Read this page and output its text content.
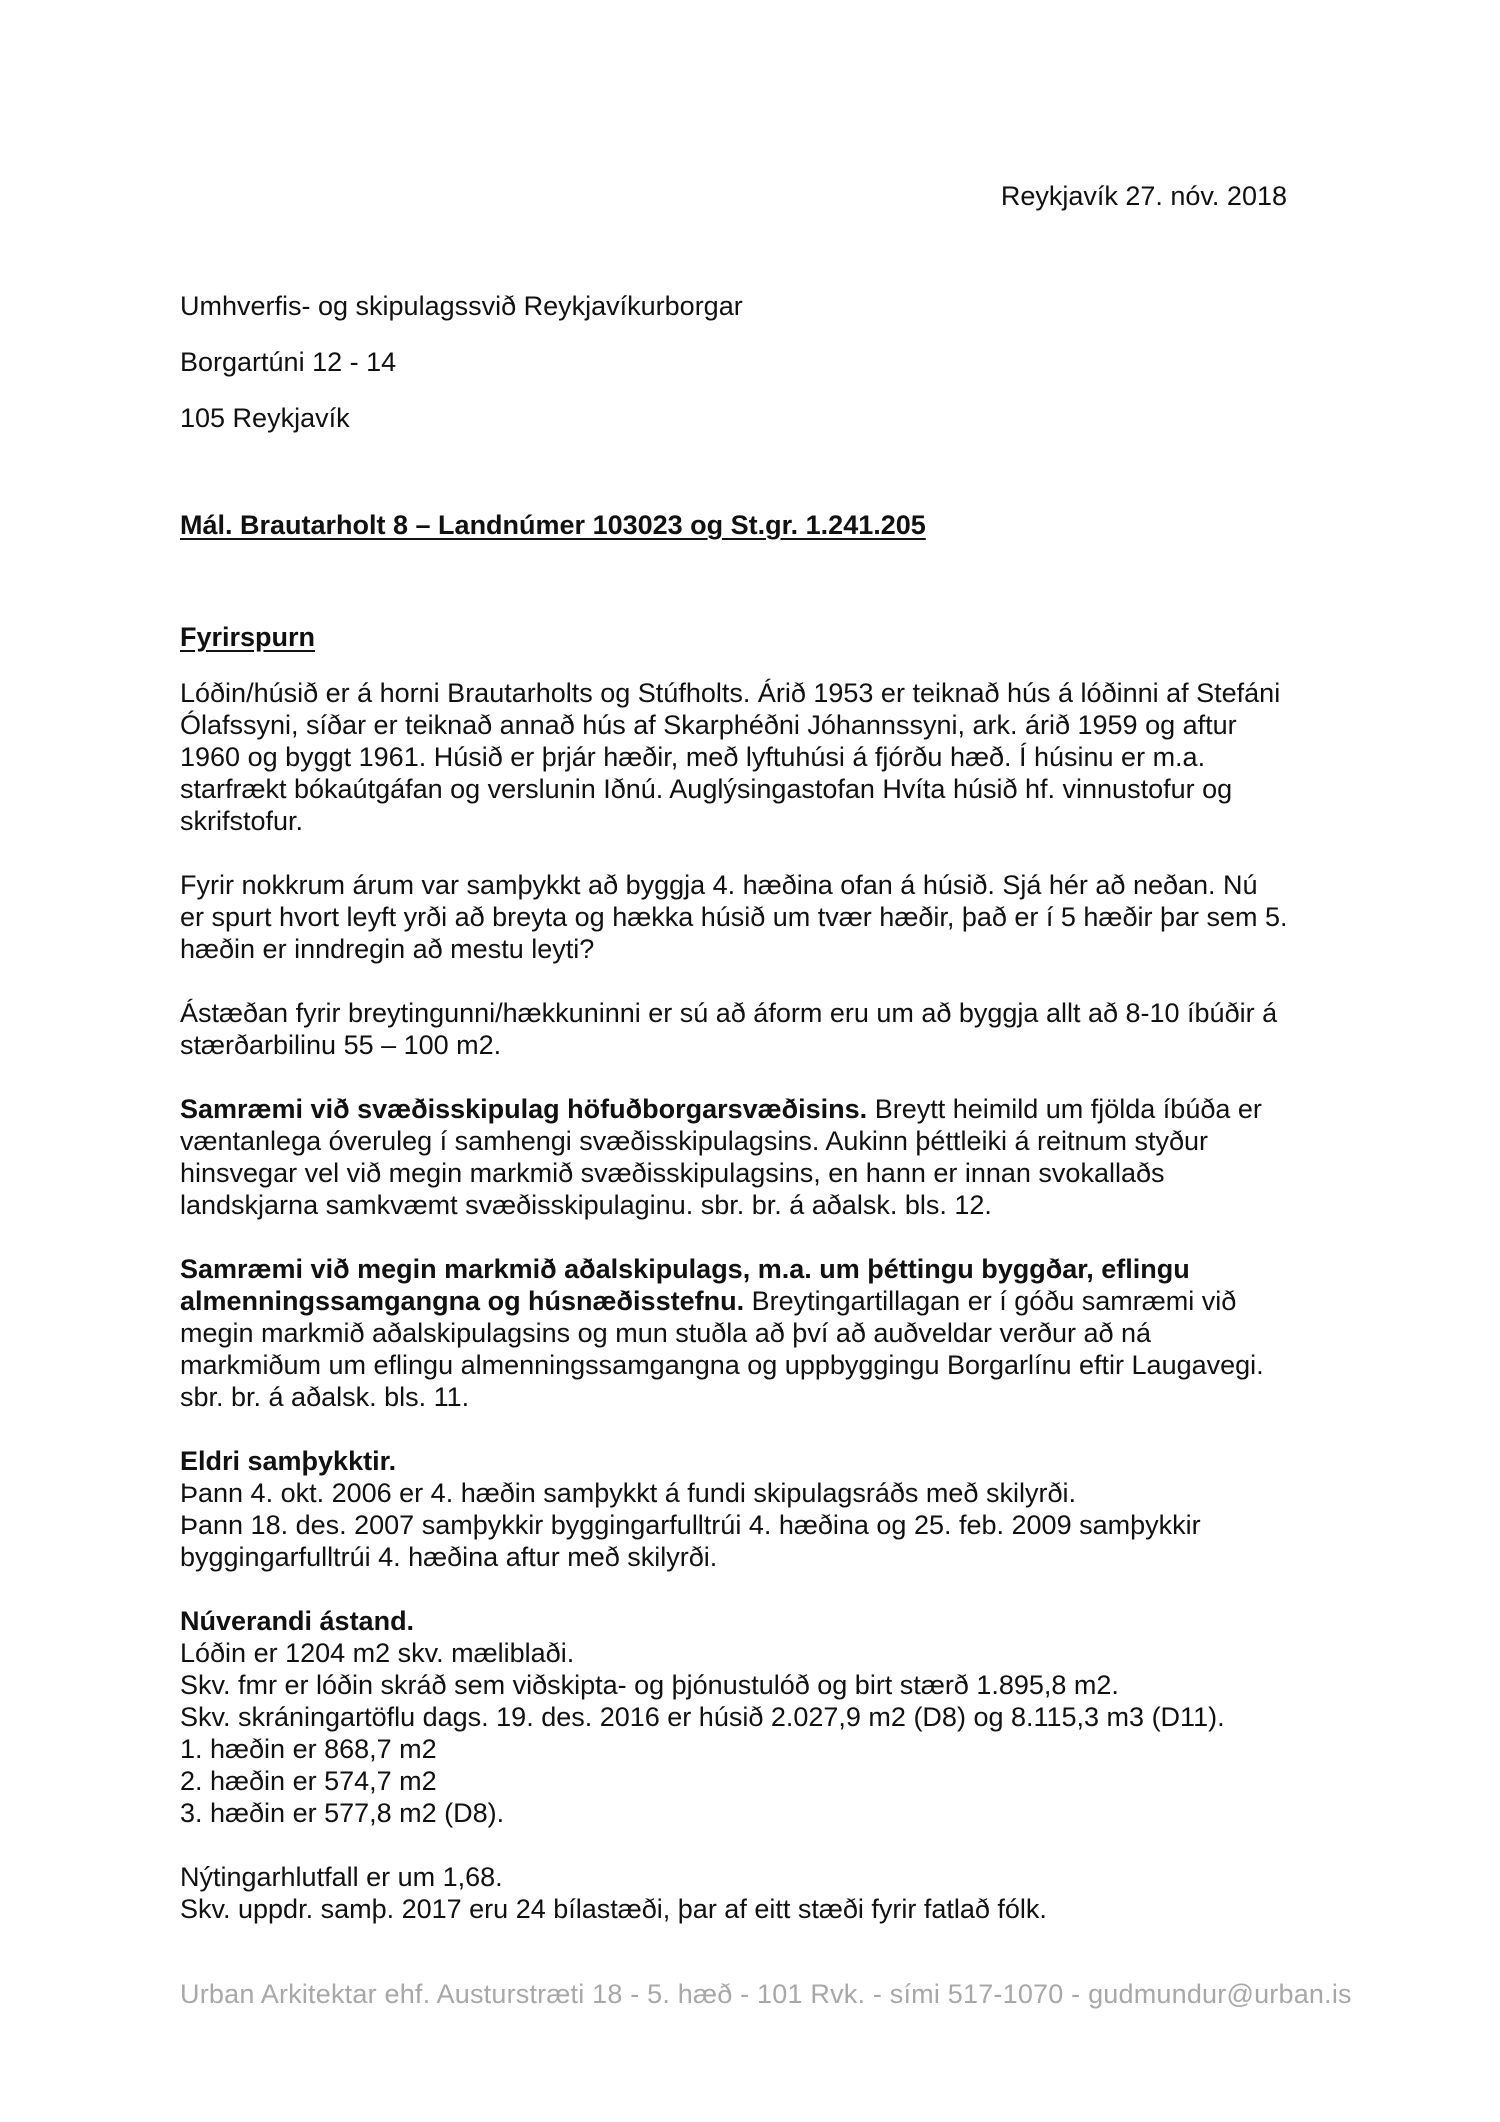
Reykjavík 27. nóv. 2018
Umhverfis- og skipulagssvið Reykjavíkurborgar
Borgartúni 12 - 14
105 Reykjavík
Mál. Brautarholt 8 – Landnúmer 103023 og St.gr. 1.241.205
Fyrirspurn
Lóðin/húsið er á horni Brautarholts og Stúfholts. Árið 1953 er teiknað hús á lóðinni af Stefáni
Ólafssyni, síðar er teiknað annað hús af Skarphéðni Jóhannssyni, ark. árið 1959 og aftur
1960 og byggt 1961. Húsið er þrjár hæðir, með lyftuhúsi á fjórðu hæð. Í húsinu er m.a.
starfrækt bókaútgáfan og verslunin Iðnú. Auglýsingastofan Hvíta húsið hf. vinnustofur og
skrifstofur.
Fyrir nokkrum árum var samþykkt að byggja 4. hæðina ofan á húsið. Sjá hér að neðan. Nú
er spurt hvort leyft yrði að breyta og hækka húsið um tvær hæðir, það er í 5 hæðir þar sem 5.
hæðin er inndregin að mestu leyti?
Ástæðan fyrir breytingunni/hækkuninni er sú að áform eru um að byggja allt að 8-10 íbúðir á
stærðarbilinu 55 – 100 m2.
Samræmi við svæðisskipulag höfuðborgarsvæðisins. Breytt heimild um fjölda íbúða er
væntanlega óveruleg í samhengi svæðisskipulagsins. Aukinn þéttleiki á reitnum styður
hinsvegar vel við megin markmið svæðisskipulagsins, en hann er innan svokallaðs
landskjarna samkvæmt svæðisskipulaginu. sbr. br. á aðalsk. bls. 12.
Samræmi við megin markmið aðalskipulags, m.a. um þéttingu byggðar, eflingu
almenningssamgangna og húsnæðisstefnu. Breytingartillagan er í góðu samræmi við
megin markmið aðalskipulagsins og mun stuðla að því að auðveldar verður að ná
markmiðum um eflingu almenningssamgangna og uppbyggingu Borgarlínu eftir Laugavegi.
sbr. br. á aðalsk. bls. 11.
Eldri samþykktir.
Þann 4. okt. 2006 er 4. hæðin samþykkt á fundi skipulagsráðs með skilyrði.
Þann 18. des. 2007 samþykkir byggingarfulltrúi 4. hæðina og 25. feb. 2009 samþykkir
byggingarfulltrúi 4. hæðina aftur með skilyrði.
Núverandi ástand.
Lóðin er 1204 m2 skv. mæliblaði.
Skv. fmr er lóðin skráð sem viðskipta- og þjónustulóð og birt stærð 1.895,8 m2.
Skv. skráningartöflu dags. 19. des. 2016 er húsið 2.027,9 m2 (D8) og 8.115,3 m3 (D11).
1. hæðin er 868,7 m2
2. hæðin er 574,7 m2
3. hæðin er 577,8 m2 (D8).
Nýtingarhlutfall er um 1,68.
Skv. uppdr. samþ. 2017 eru 24 bílastæði, þar af eitt stæði fyrir fatlað fólk.
Urban Arkitektar ehf. Austurstræti 18 - 5. hæð - 101 Rvk. - sími 517-1070 - gudmundur@urban.is
